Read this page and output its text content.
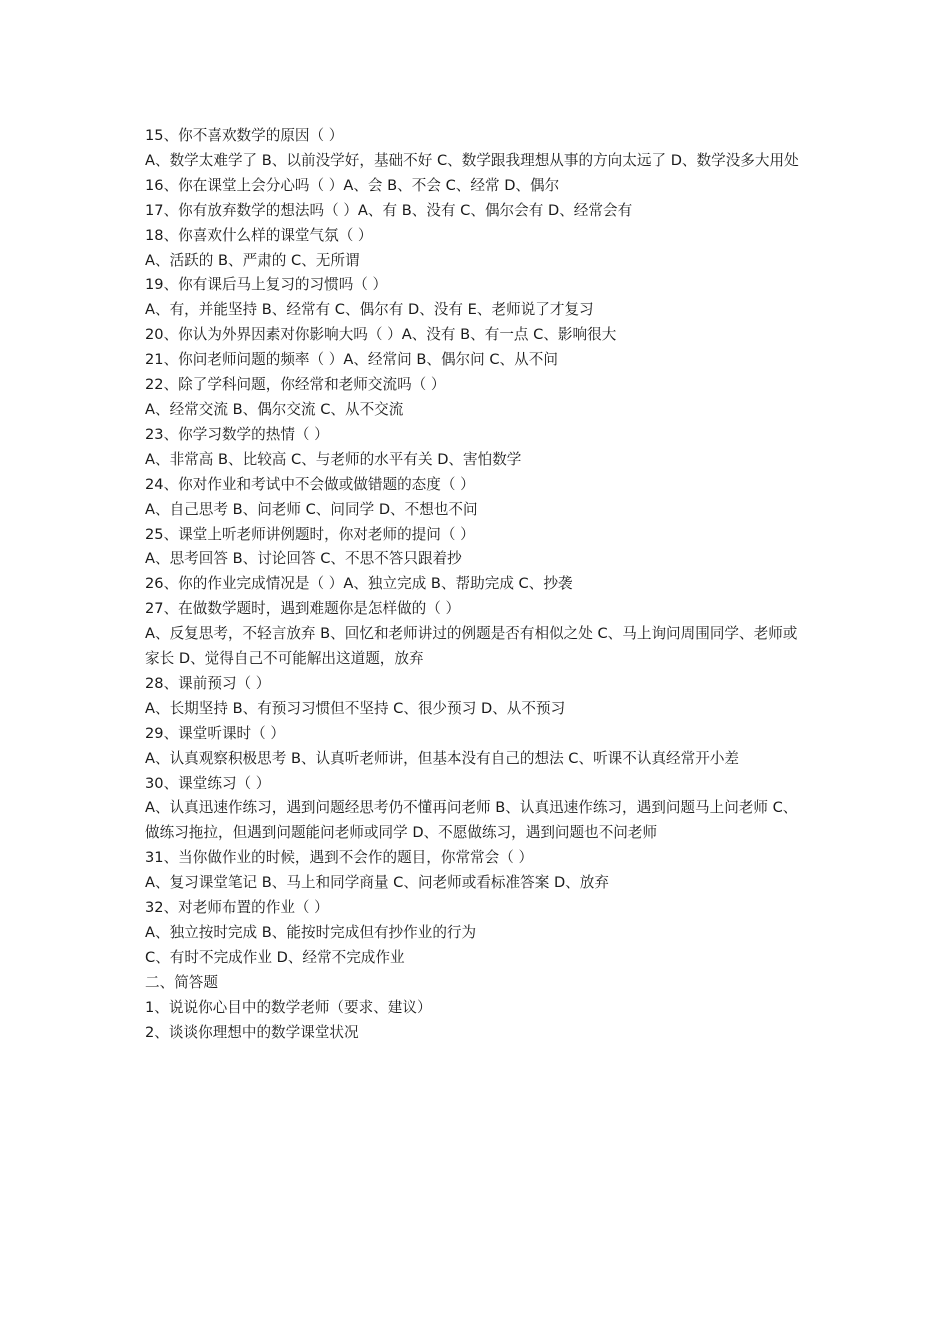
15、你不喜欢数学的原因（ ）

A、数学太难学了 B、以前没学好，基础不好 C、数学跟我理想从事的方向太远了 D、数学没多大用处

16、你在课堂上会分心吗（ ）A、会 B、不会 C、经常 D、偶尔

17、你有放弃数学的想法吗（ ）A、有 B、没有 C、偶尔会有 D、经常会有

18、你喜欢什么样的课堂气氛（ ）

A、活跃的 B、严肃的 C、无所谓

19、你有课后马上复习的习惯吗（ ）

A、有，并能坚持 B、经常有 C、偶尔有 D、没有 E、老师说了才复习

20、你认为外界因素对你影响大吗（ ）A、没有 B、有一点 C、影响很大

21、你问老师问题的频率（ ）A、经常问 B、偶尔问 C、从不问

22、除了学科问题，你经常和老师交流吗（ ）

A、经常交流 B、偶尔交流 C、从不交流

23、你学习数学的热情（ ）

A、非常高 B、比较高 C、与老师的水平有关 D、害怕数学

24、你对作业和考试中不会做或做错题的态度（ ）

A、自己思考 B、问老师 C、问同学 D、不想也不问

25、课堂上听老师讲例题时，你对老师的提问（ ）

A、思考回答 B、讨论回答 C、不思不答只跟着抄

26、你的作业完成情况是（ ）A、独立完成 B、帮助完成 C、抄袭

27、在做数学题时，遇到难题你是怎样做的（ ）

A、反复思考，不轻言放弃 B、回忆和老师讲过的例题是否有相似之处 C、马上询问周围同学、老师或家长 D、觉得自己不可能解出这道题，放弃

28、课前预习（ ）

A、长期坚持 B、有预习习惯但不坚持 C、很少预习 D、从不预习

29、课堂听课时（ ）

A、认真观察积极思考 B、认真听老师讲，但基本没有自己的想法 C、听课不认真经常开小差

30、课堂练习（ ）

A、认真迅速作练习，遇到问题经思考仍不懂再问老师 B、认真迅速作练习，遇到问题马上问老师 C、做练习拖拉，但遇到问题能问老师或同学 D、不愿做练习，遇到问题也不问老师

31、当你做作业的时候，遇到不会作的题目，你常常会（ ）

A、复习课堂笔记 B、马上和同学商量 C、问老师或看标准答案 D、放弃

32、对老师布置的作业（ ）

A、独立按时完成 B、能按时完成但有抄作业的行为

C、有时不完成作业 D、经常不完成作业

二、简答题

1、说说你心目中的数学老师（要求、建议）

2、谈谈你理想中的数学课堂状况
